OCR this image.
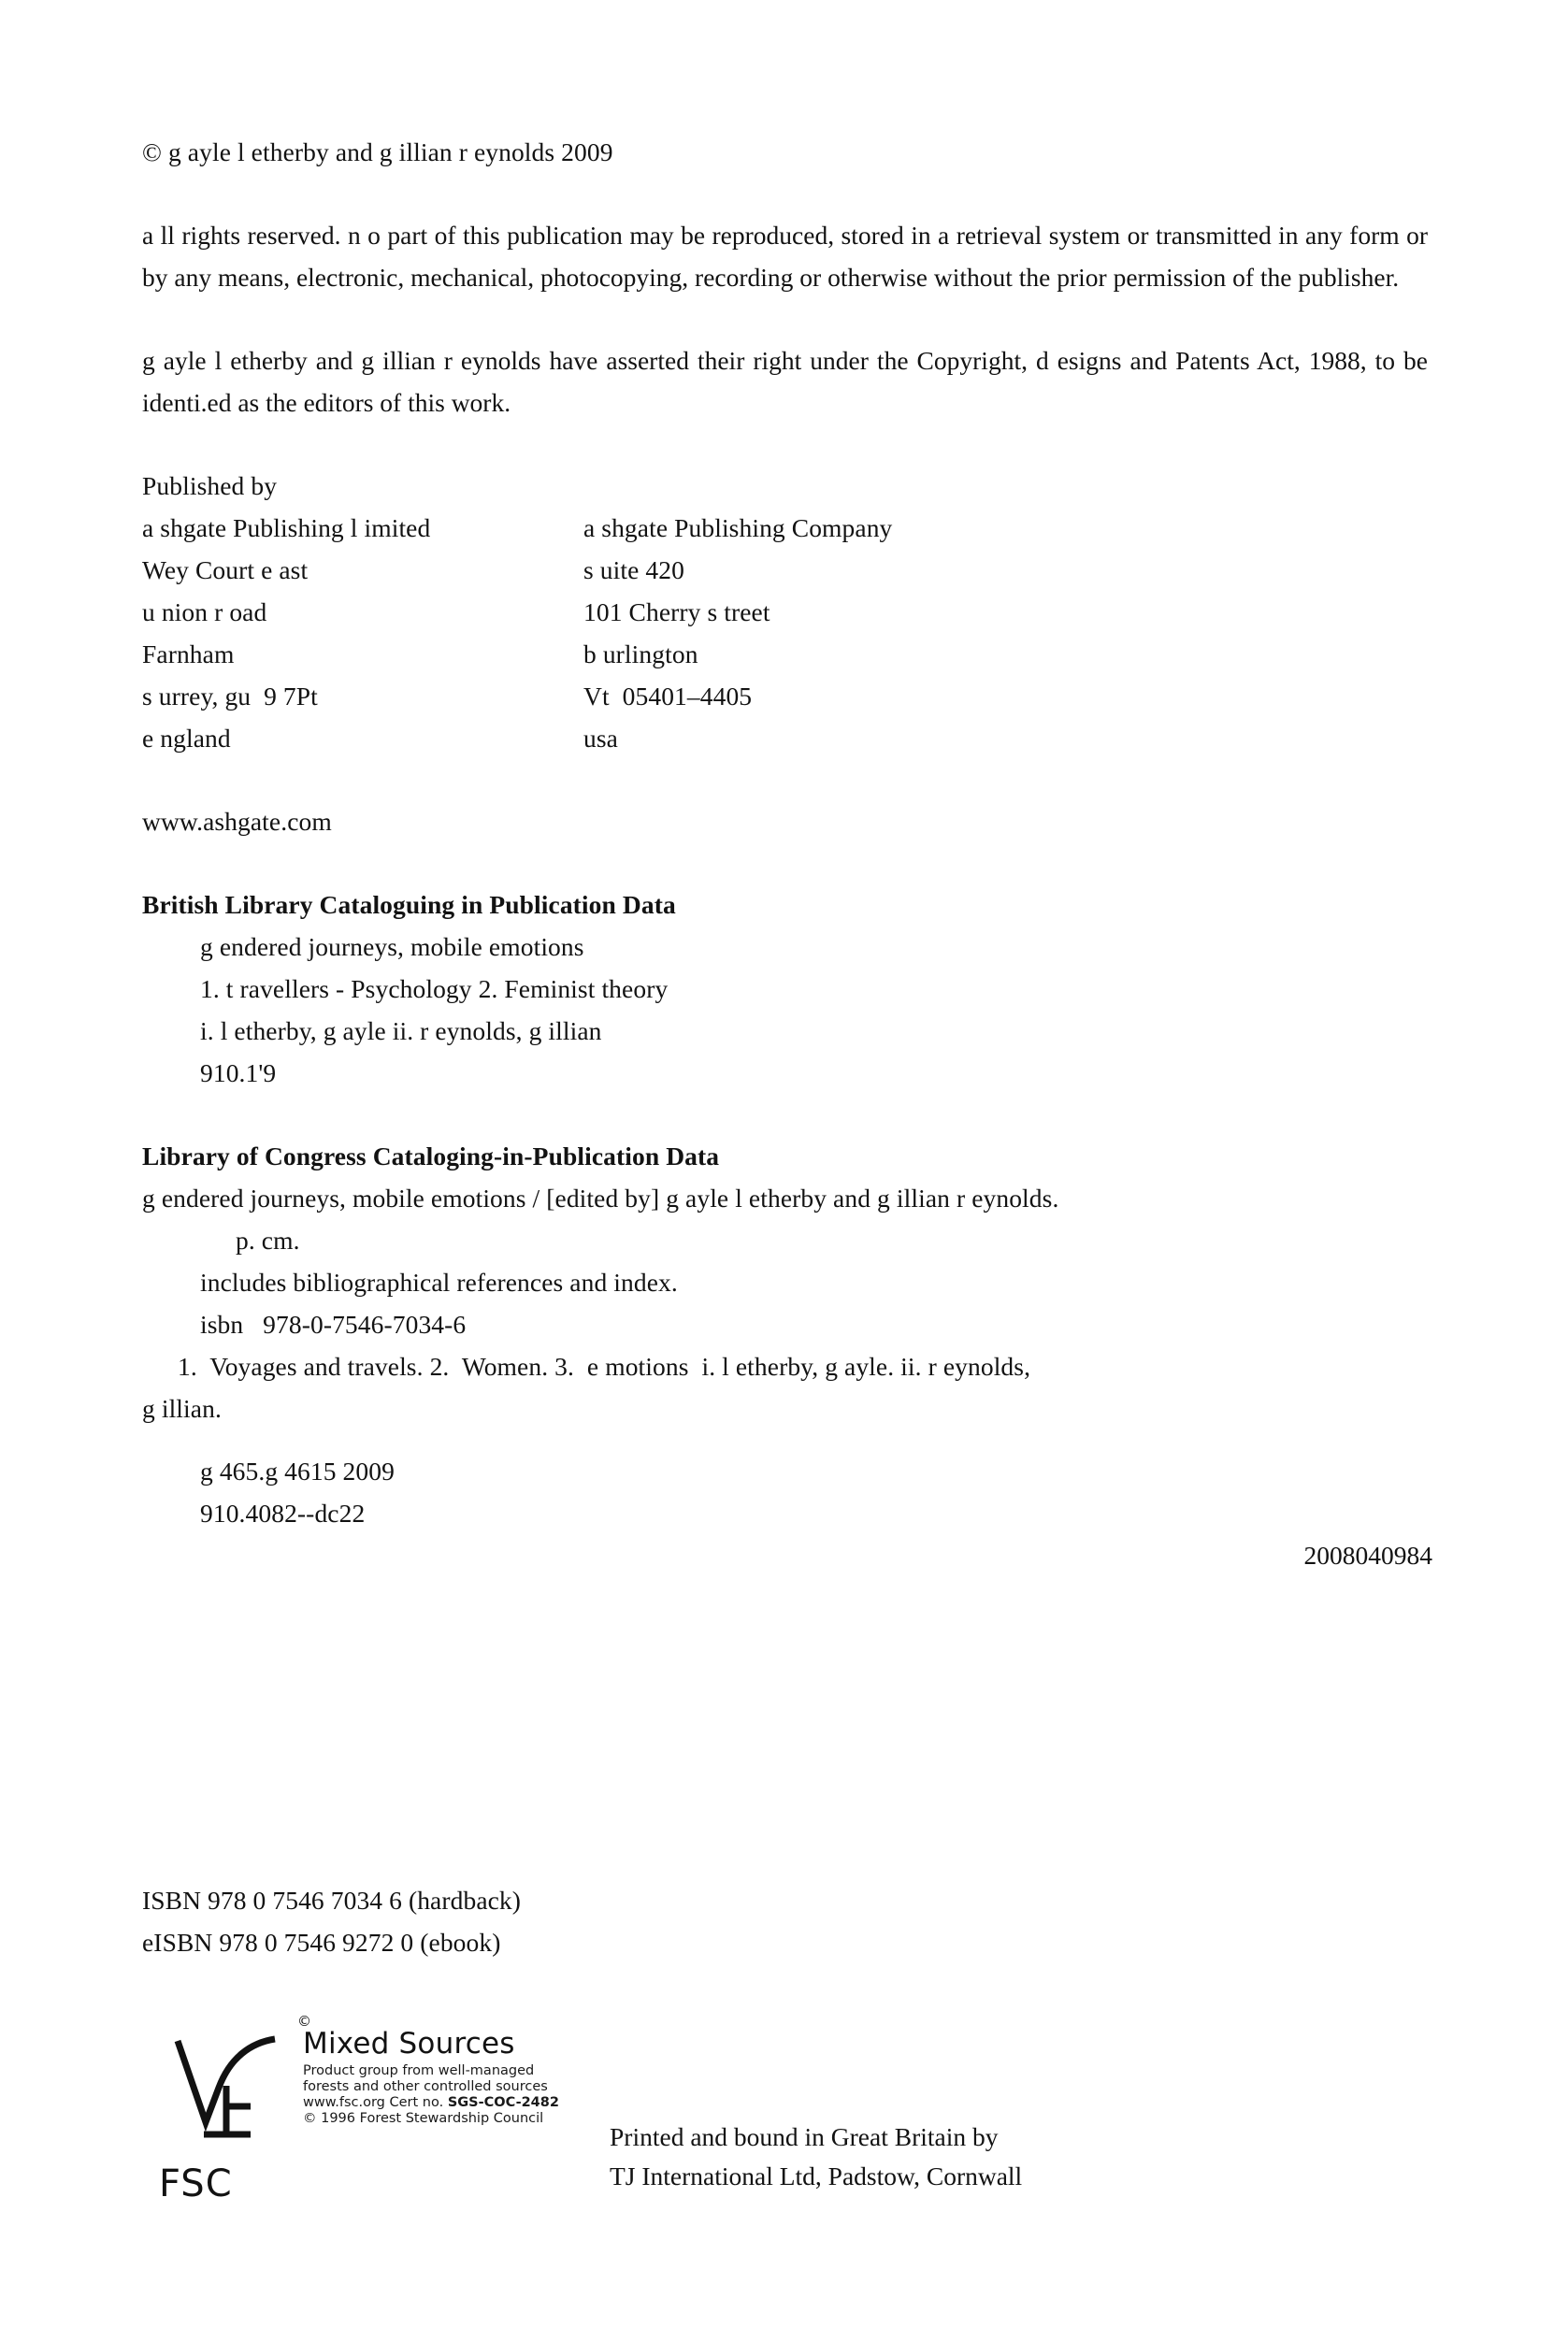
© g ayle l etherby and g illian r eynolds 2009
a ll rights reserved. n o part of this publication may be reproduced, stored in a retrieval system or transmitted in any form or by any means, electronic, mechanical, photocopying, recording or otherwise without the prior permission of the publisher.
g ayle l etherby and g illian r eynolds have asserted their right under the Copyright, d esigns and Patents Act, 1988, to be identi.ed as the editors of this work.
Published by
a shgate Publishing l imited
Wey Court e ast
u nion r oad
Farnham
s urrey, gu  9 7Pt
e ngland
a shgate Publishing Company
s uite 420
101 Cherry s treet
b urlington
Vt  05401–4405
usa
www.ashgate.com
British Library Cataloguing in Publication Data
g endered journeys, mobile emotions
1. t ravellers - Psychology 2. Feminist theory
i. l etherby, g ayle ii. r eynolds, g illian
910.1'9
Library of Congress Cataloging-in-Publication Data
g endered journeys, mobile emotions / [edited by] g ayle l etherby and g illian r eynolds.
p. cm.
includes bibliographical references and index.
isbn   978-0-7546-7034-6
1.  Voyages and travels. 2.  Women. 3.  e motions  i. l etherby, g ayle. ii. r eynolds,
g illian.
g 465.g 4615 2009
910.4082--dc22
2008040984
ISBN 978 0 7546 7034 6 (hardback)
eISBN 978 0 7546 9272 0 (ebook)
FSC
©
Mixed Sources
Product group from well-managed
forests and other controlled sources
www.fsc.org Cert no. SGS-COC-2482
© 1996 Forest Stewardship Council
Printed and bound in Great Britain by
TJ International Ltd, Padstow, Cornwall
